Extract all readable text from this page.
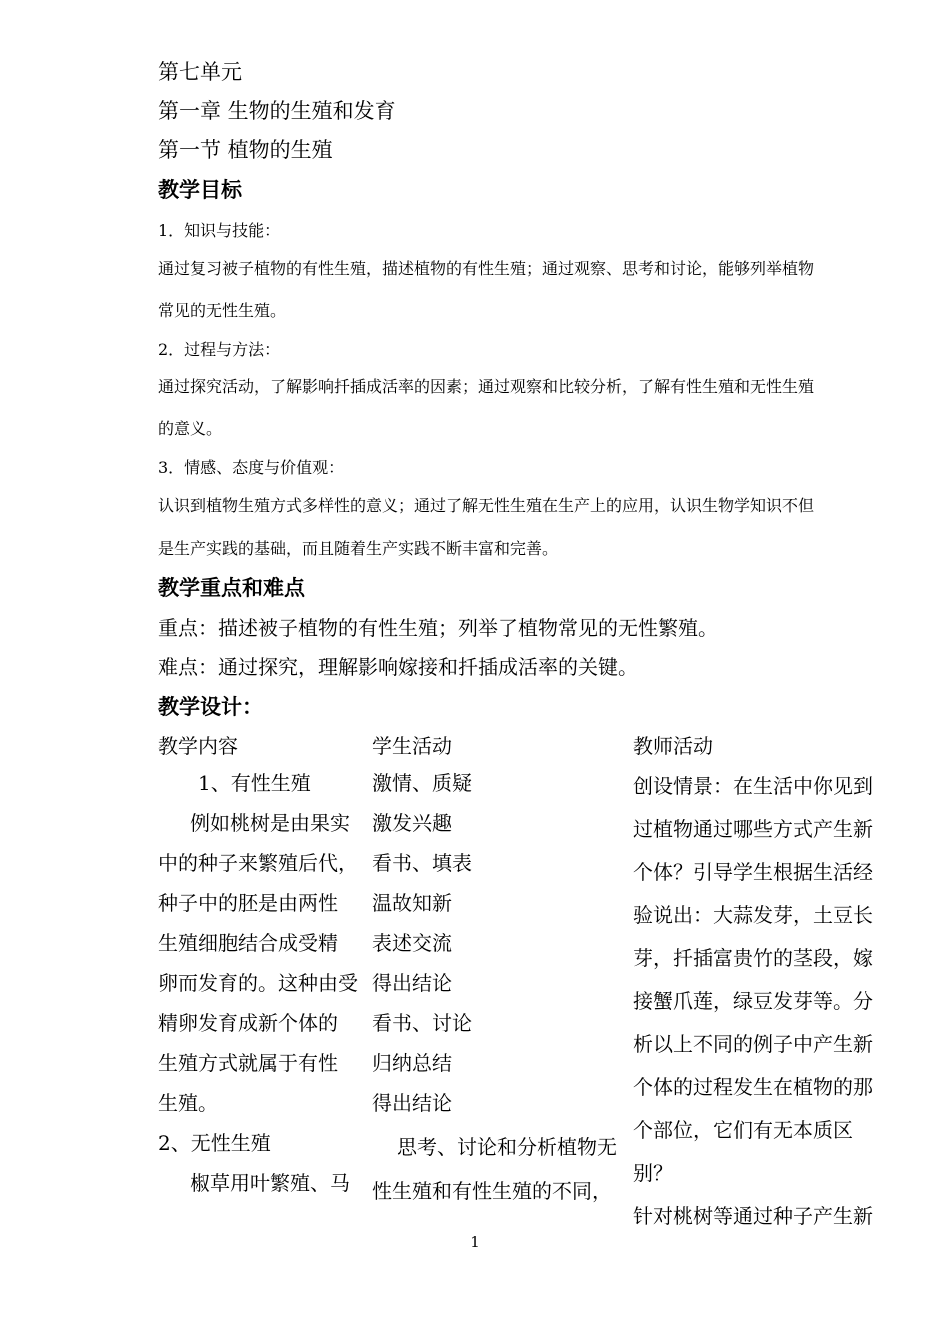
第七单元
第一章 生物的生殖和发育
第一节 植物的生殖
教学目标
1．知识与技能：
通过复习被子植物的有性生殖，描述植物的有性生殖；通过观察、思考和讨论，能够列举植物
常见的无性生殖。
2．过程与方法：
通过探究活动，了解影响扦插成活率的因素；通过观察和比较分析，了解有性生殖和无性生殖
的意义。
3．情感、态度与价值观：
认识到植物生殖方式多样性的意义；通过了解无性生殖在生产上的应用，认识生物学知识不但
是生产实践的基础，而且随着生产实践不断丰富和完善。
教学重点和难点
重点：描述被子植物的有性生殖；列举了植物常见的无性繁殖。
难点：通过探究，理解影响嫁接和扦插成活率的关键。
教学设计：
教学内容	学生活动	教师活动
　1、有性生殖
例如桃树是由果实
中的种子来繁殖后代，
种子中的胚是由两性
生殖细胞结合成受精
卵而发育的。这种由受
精卵发育成新个体的
生殖方式就属于有性
生殖。
2、无性生殖
椒草用叶繁殖、马
激情、质疑
激发兴趣
看书、填表
温故知新
表述交流
得出结论
看书、讨论
归纳总结
得出结论
思考、讨论和分析植物无
性生殖和有性生殖的不同，
创设情景：在生活中你见到
过植物通过哪些方式产生新
个体？引导学生根据生活经
验说出：大蒜发芽，土豆长
芽，扦插富贵竹的茎段，嫁
接蟹爪莲，绿豆发芽等。分
析以上不同的例子中产生新
个体的过程发生在植物的那
个部位，它们有无本质区
别？
针对桃树等通过种子产生新
1
